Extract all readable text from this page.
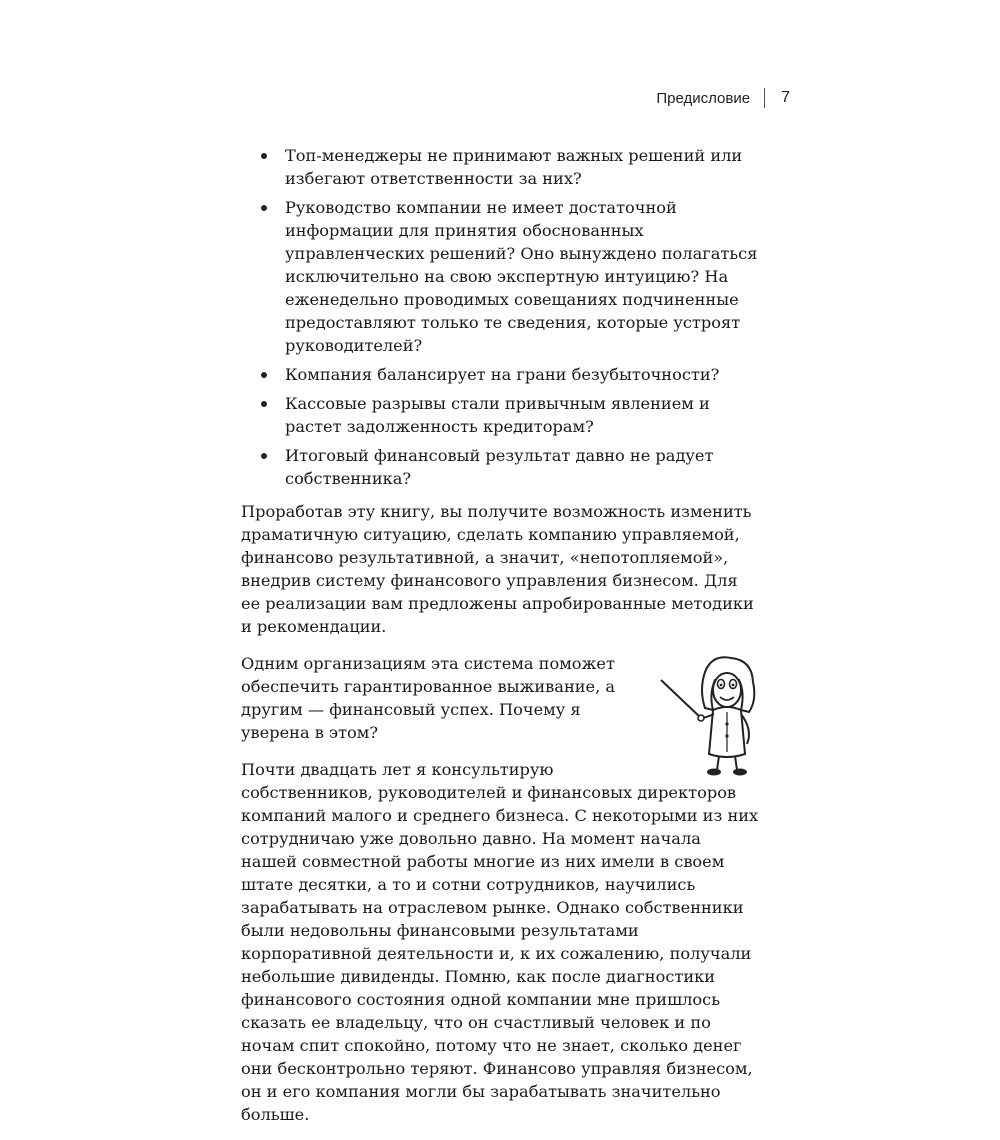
Предисловие 7
Топ-менеджеры не принимают важных решений или избегают ответственности за них?
Руководство компании не имеет достаточной информации для принятия обоснованных управленческих решений? Оно вынуждено полагаться исключительно на свою экспертную интуицию? На еженедельно проводимых совещаниях подчиненные предоставляют только те сведения, которые устроят руководителей?
Компания балансирует на грани безубыточности?
Кассовые разрывы стали привычным явлением и растет задолженность кредиторам?
Итоговый финансовый результат давно не радует собственника?

Проработав эту книгу, вы получите возможность изменить драматичную ситуацию, сделать компанию управляемой, финансово результативной, а значит, «непотопляемой», внедрив систему финансового управления бизнесом. Для ее реализации вам предложены апробированные методики и рекомендации.

Одним организациям эта система поможет обеспечить гарантированное выживание, а другим — финансовый успех. Почему я уверена в этом?

Почти двадцать лет я консультирую собственников, руководителей и финансовых директоров компаний малого и среднего бизнеса. С некоторыми из них сотрудничаю уже довольно давно. На момент начала нашей совместной работы многие из них имели в своем штате десятки, а то и сотни сотрудников, научились зарабатывать на отраслевом рынке. Однако собственники были недовольны финансовыми результатами корпоративной деятельности и, к их сожалению, получали небольшие дивиденды. Помню, как после диагностики финансового состояния одной компании мне пришлось сказать ее владельцу, что он счастливый человек и по ночам спит спокойно, потому что не знает, сколько денег они бесконтрольно теряют. Финансово управляя бизнесом, он и его компания могли бы зарабатывать значительно больше.
